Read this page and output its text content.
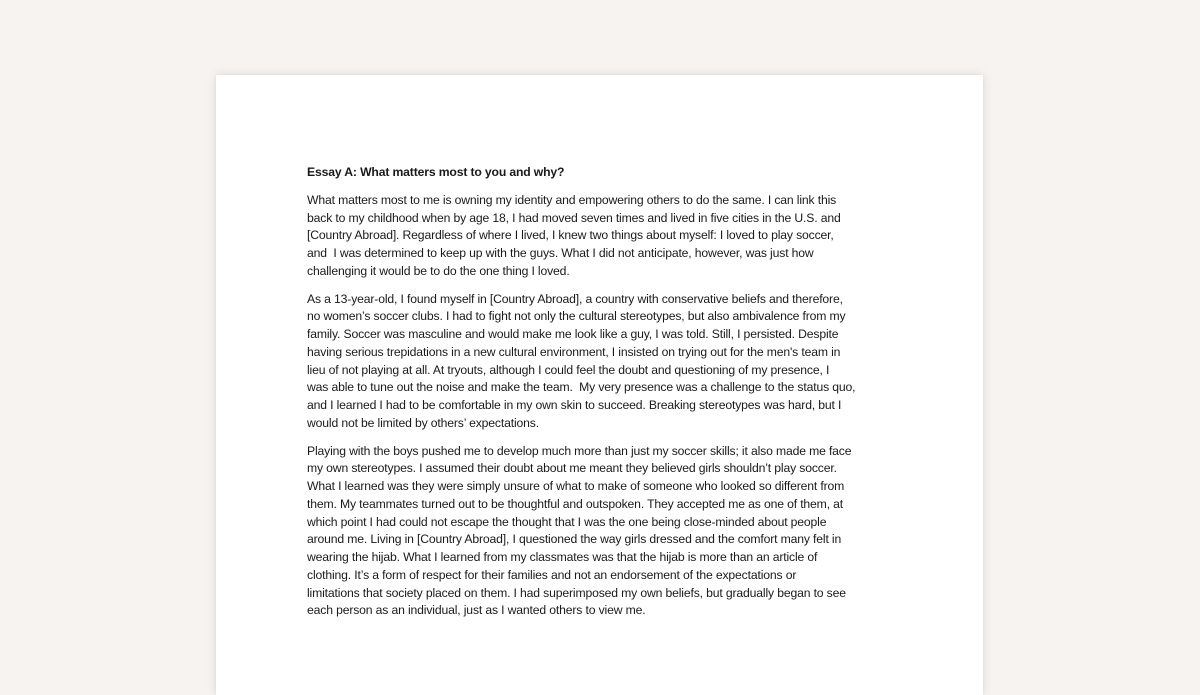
Essay A: What matters most to you and why?
What matters most to me is owning my identity and empowering others to do the same. I can link this
back to my childhood when by age 18, I had moved seven times and lived in five cities in the U.S. and
[Country Abroad]. Regardless of where I lived, I knew two things about myself: I loved to play soccer,
and  I was determined to keep up with the guys. What I did not anticipate, however, was just how
challenging it would be to do the one thing I loved.
As a 13-year-old, I found myself in [Country Abroad], a country with conservative beliefs and therefore,
no women’s soccer clubs. I had to fight not only the cultural stereotypes, but also ambivalence from my
family. Soccer was masculine and would make me look like a guy, I was told. Still, I persisted. Despite
having serious trepidations in a new cultural environment, I insisted on trying out for the men's team in
lieu of not playing at all. At tryouts, although I could feel the doubt and questioning of my presence, I
was able to tune out the noise and make the team.  My very presence was a challenge to the status quo,
and I learned I had to be comfortable in my own skin to succeed. Breaking stereotypes was hard, but I
would not be limited by others’ expectations.
Playing with the boys pushed me to develop much more than just my soccer skills; it also made me face
my own stereotypes. I assumed their doubt about me meant they believed girls shouldn’t play soccer.
What I learned was they were simply unsure of what to make of someone who looked so different from
them. My teammates turned out to be thoughtful and outspoken. They accepted me as one of them, at
which point I had could not escape the thought that I was the one being close-minded about people
around me. Living in [Country Abroad], I questioned the way girls dressed and the comfort many felt in
wearing the hijab. What I learned from my classmates was that the hijab is more than an article of
clothing. It’s a form of respect for their families and not an endorsement of the expectations or
limitations that society placed on them. I had superimposed my own beliefs, but gradually began to see
each person as an individual, just as I wanted others to view me.
